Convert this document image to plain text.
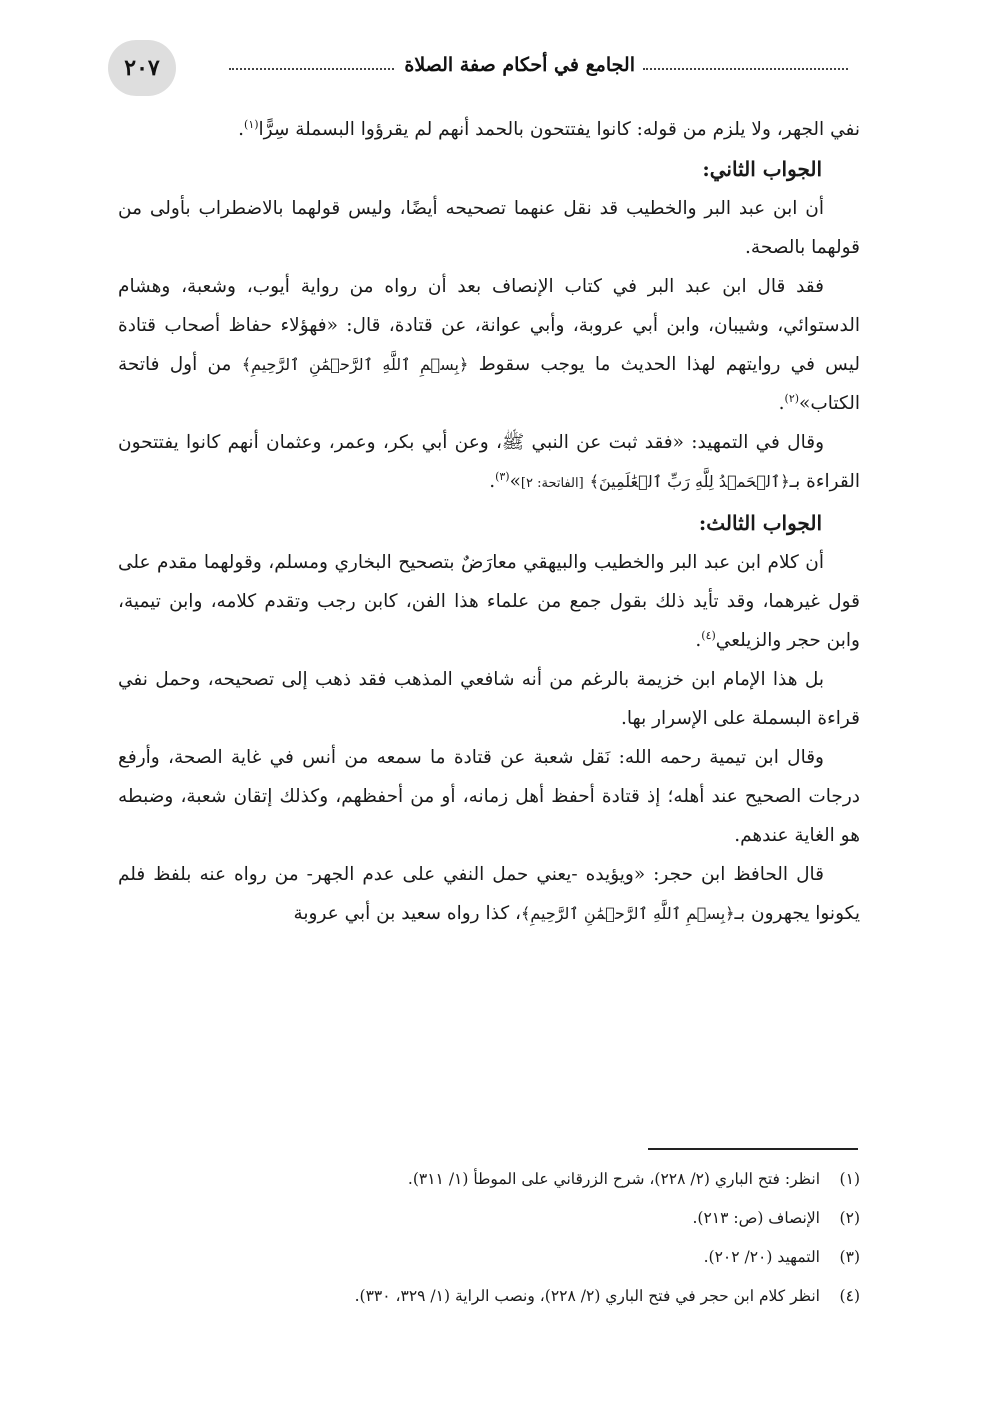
٢٠٧	الجامع في أحكام صفة الصلاة

نفي الجهر، ولا يلزم من قوله: كانوا يفتتحون بالحمد أنهم لم يقرؤوا البسملة سِرًّا$^{(١)}$.

الجواب الثاني:

أن ابن عبد البر والخطيب قد نقل عنهما تصحيحه أيضًا، وليس قولهما بالاضطراب بأولى من قولهما بالصحة.

فقد قال ابن عبد البر في كتاب الإنصاف بعد أن رواه من رواية أيوب، وشعبة، وهشام الدستوائي، وشيبان، وابن أبي عروبة، وأبي عوانة، عن قتادة، قال: «فهؤلاء حفاظ أصحاب قتادة ليس في روايتهم لهذا الحديث ما يوجب سقوط ﴿بِسۡمِ ٱللَّهِ ٱلرَّحۡمَٰنِ ٱلرَّحِيمِ﴾ من أول فاتحة الكتاب»$^{(٢)}$.

وقال في التمهيد: «فقد ثبت عن النبي ﷺ، وعن أبي بكر، وعمر، وعثمان أنهم كانوا يفتتحون القراءة بـ﴿ٱلۡحَمۡدُ لِلَّهِ رَبِّ ٱلۡعَٰلَمِينَ﴾ [الفاتحة: ٢]»$^{(٣)}$.

الجواب الثالث:

أن كلام ابن عبد البر والخطيب والبيهقي معارَضٌ بتصحيح البخاري ومسلم، وقولهما مقدم على قول غيرهما، وقد تأيد ذلك بقول جمع من علماء هذا الفن، كابن رجب وتقدم كلامه، وابن تيمية، وابن حجر والزيلعي$^{(٤)}$.

بل هذا الإمام ابن خزيمة بالرغم من أنه شافعي المذهب فقد ذهب إلى تصحيحه، وحمل نفي قراءة البسملة على الإسرار بها.

وقال ابن تيمية رحمه الله: نَقل شعبة عن قتادة ما سمعه من أنس في غاية الصحة، وأرفع درجات الصحيح عند أهله؛ إذ قتادة أحفظ أهل زمانه، أو من أحفظهم، وكذلك إتقان شعبة، وضبطه هو الغاية عندهم.

قال الحافظ ابن حجر: «ويؤيده -يعني حمل النفي على عدم الجهر- من رواه عنه بلفظ فلم يكونوا يجهرون بـ﴿بِسۡمِ ٱللَّهِ ٱلرَّحۡمَٰنِ ٱلرَّحِيمِ﴾، كذا رواه سعيد بن أبي عروبة

(١)
انظر: فتح الباري (٢/ ٢٢٨)، شرح الزرقاني على الموطأ (١/ ٣١١).
(٢)
الإنصاف (ص: ٢١٣).
(٣)
التمهيد (٢٠/ ٢٠٢).
(٤)
انظر كلام ابن حجر في فتح الباري (٢/ ٢٢٨)، ونصب الراية (١/ ٣٢٩، ٣٣٠).
